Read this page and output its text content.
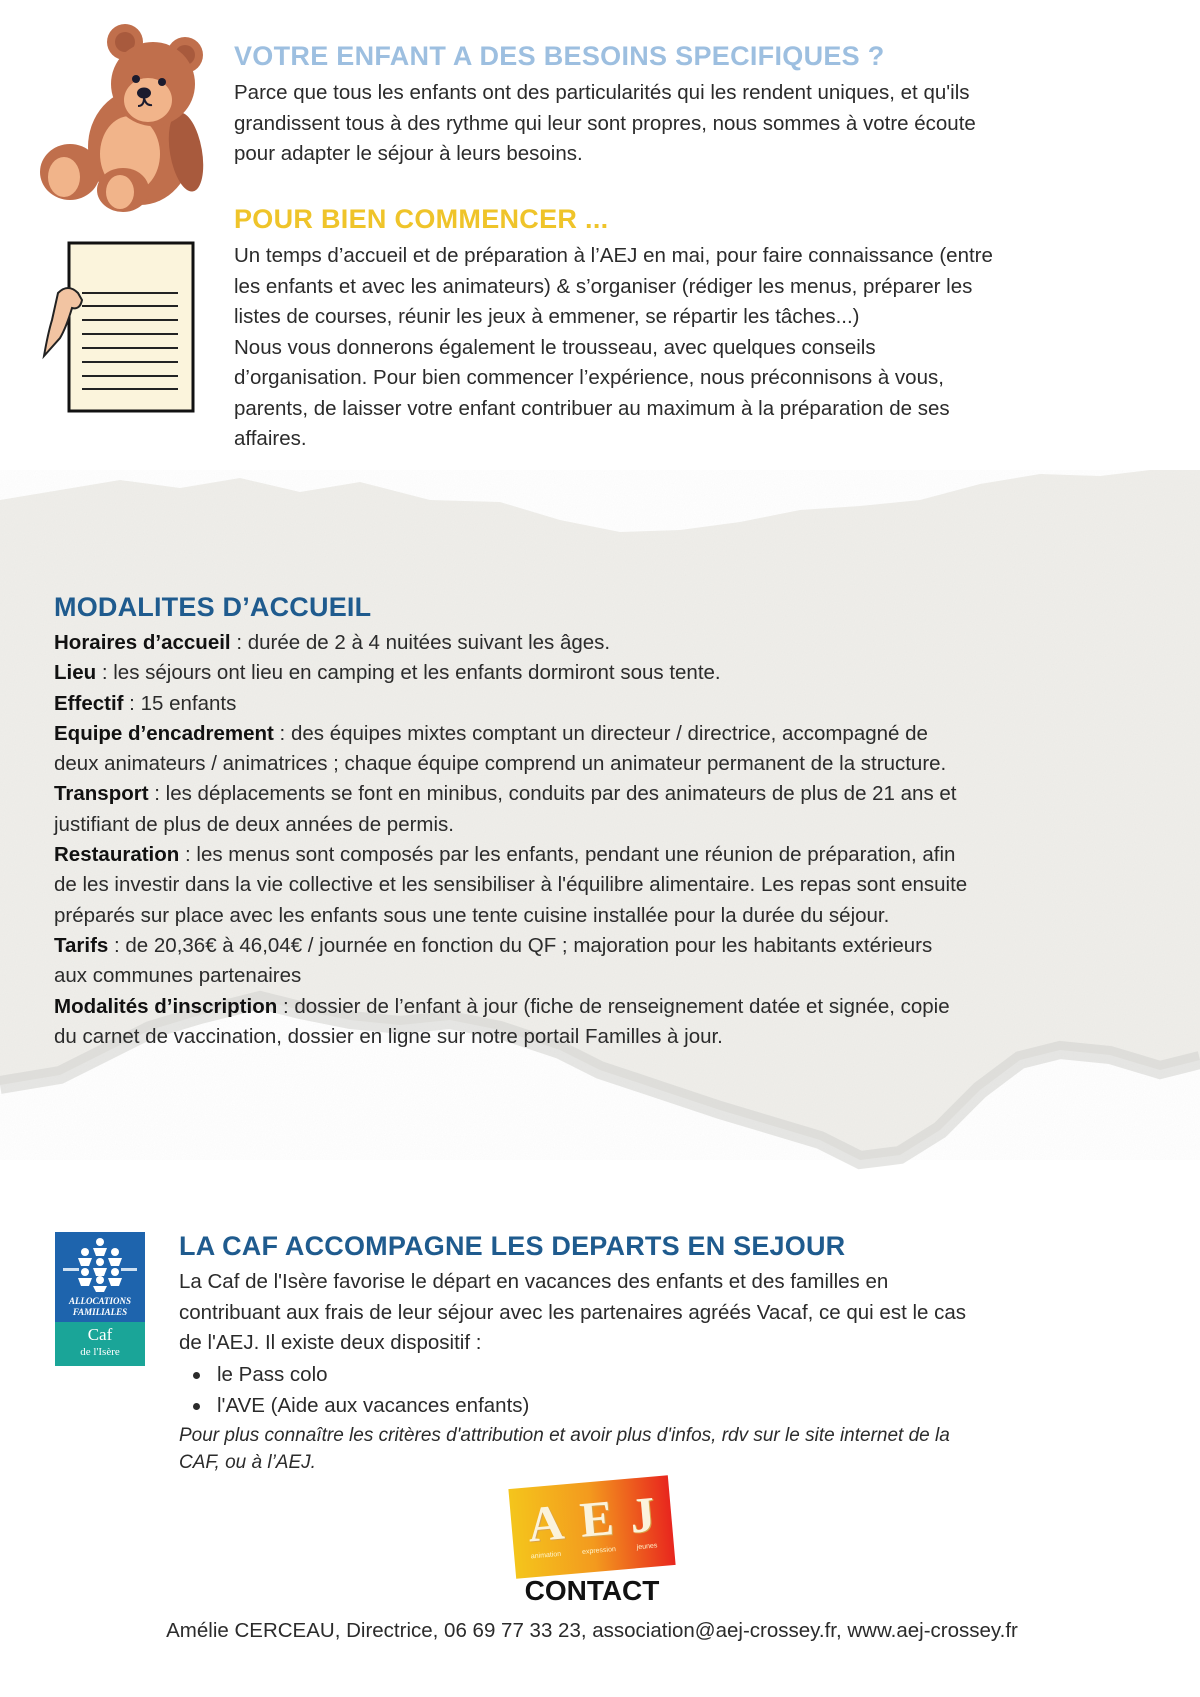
VOTRE ENFANT A DES BESOINS SPECIFIQUES ?
Parce que tous les enfants ont des particularités qui les rendent uniques, et qu'ils
grandissent tous à des rythme qui leur sont propres, nous sommes à votre écoute
pour adapter le séjour à leurs besoins.
POUR BIEN COMMENCER ...
Un temps d’accueil et de préparation à l’AEJ en mai, pour faire connaissance (entre
les enfants et avec les animateurs) & s’organiser (rédiger les menus, préparer les
listes de courses, réunir les jeux à emmener, se répartir les tâches...)
Nous vous donnerons également le trousseau, avec quelques conseils
d’organisation. Pour bien commencer l’expérience, nous préconnisons à vous,
parents, de laisser votre enfant contribuer au maximum à la préparation de ses
affaires.
MODALITES D’ACCUEIL

Horaires d’accueil : durée de 2 à 4 nuitées suivant les âges.

Lieu : les séjours ont lieu en camping et les enfants dormiront sous tente.

Effectif : 15 enfants

Equipe d’encadrement : des équipes mixtes comptant un directeur / directrice, accompagné de

deux animateurs / animatrices ; chaque équipe comprend un animateur permanent de la structure.

Transport : les déplacements se font en minibus, conduits par des animateurs de plus de 21 ans et

justifiant de plus de deux années de permis.

Restauration : les menus sont composés par les enfants, pendant une réunion de préparation, afin

de les investir dans la vie collective et les sensibiliser à l'équilibre alimentaire. Les repas sont ensuite

préparés sur place avec les enfants sous une tente cuisine installée pour la durée du séjour.

Tarifs : de 20,36€ à 46,04€ / journée en fonction du QF ; majoration pour les habitants extérieurs

aux communes partenaires

Modalités d’inscription : dossier de l’enfant à jour (fiche de renseignement datée et signée, copie

du carnet de vaccination, dossier en ligne sur notre portail Familles à jour.

ALLOCATIONS
FAMILIALES
Caf
de l'Isère
LA CAF ACCOMPAGNE LES DEPARTS EN SEJOUR
La Caf de l'Isère favorise le départ en vacances des enfants et des familles en
contribuant aux frais de leur séjour avec les partenaires agréés Vacaf, ce qui est le cas
de l'AEJ. Il existe deux dispositif :
le Pass colo
l'AVE (Aide aux vacances enfants)
Pour plus connaître les critères d'attribution et avoir plus d'infos, rdv sur le site internet de la
CAF, ou à l’AEJ.
A E J
animation	expression	jeunes
CONTACT
Amélie CERCEAU, Directrice, 06 69 77 33 23, association@aej-crossey.fr, www.aej-crossey.fr
